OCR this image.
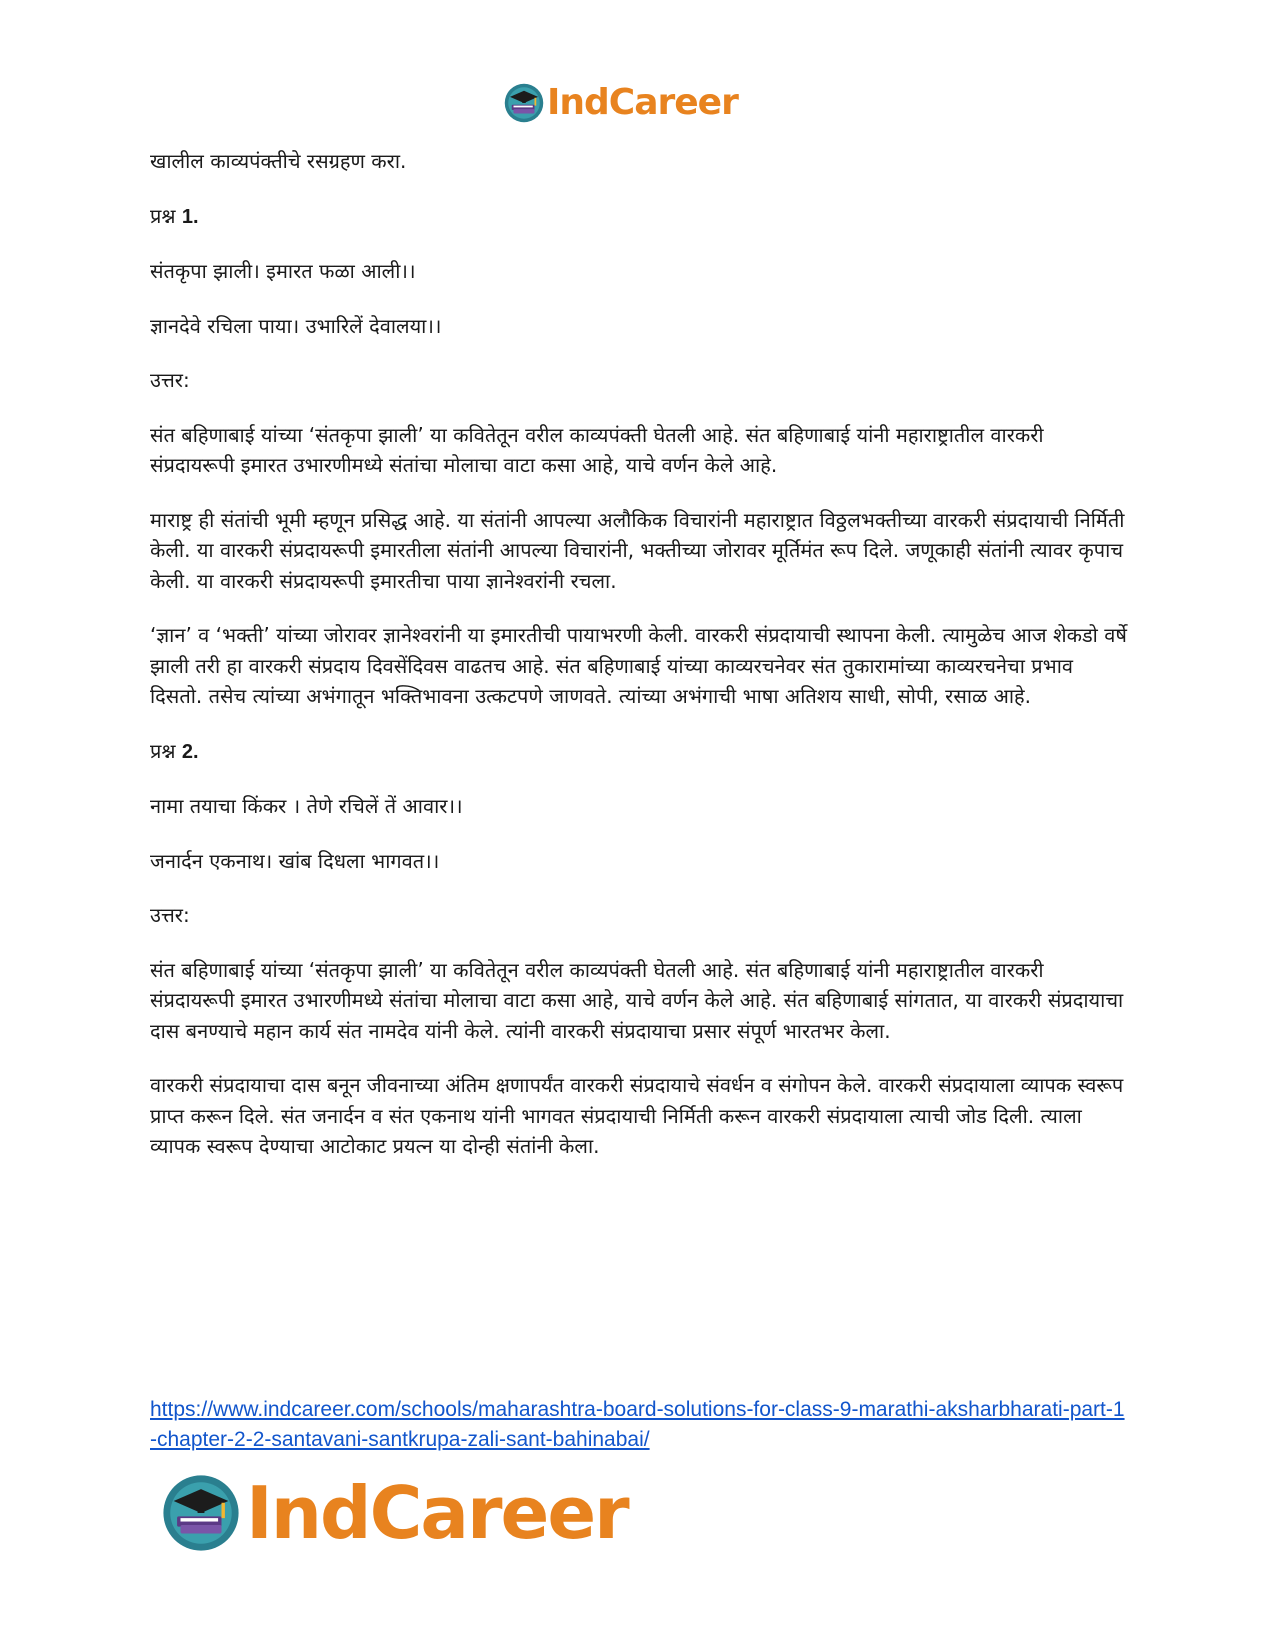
IndCareer

खालील काव्यपंक्तीचे रसग्रहण करा.

प्रश्न 1.

संतकृपा झाली। इमारत फळा आली।।

ज्ञानदेवे रचिला पाया। उभारिलें देवालया।।

उत्तर:

संत बहिणाबाई यांच्या ‘संतकृपा झाली’ या कवितेतून वरील काव्यपंक्ती घेतली आहे. संत बहिणाबाई यांनी महाराष्ट्रातील वारकरी संप्रदायरूपी इमारत उभारणीमध्ये संतांचा मोलाचा वाटा कसा आहे, याचे वर्णन केले आहे.

माराष्ट्र ही संतांची भूमी म्हणून प्रसिद्ध आहे. या संतांनी आपल्या अलौकिक विचारांनी महाराष्ट्रात विठ्ठलभक्तीच्या वारकरी संप्रदायाची निर्मिती केली. या वारकरी संप्रदायरूपी इमारतीला संतांनी आपल्या विचारांनी, भक्तीच्या जोरावर मूर्तिमंत रूप दिले. जणूकाही संतांनी त्यावर कृपाच केली. या वारकरी संप्रदायरूपी इमारतीचा पाया ज्ञानेश्वरांनी रचला.

‘ज्ञान’ व ‘भक्ती’ यांच्या जोरावर ज्ञानेश्वरांनी या इमारतीची पायाभरणी केली. वारकरी संप्रदायाची स्थापना केली. त्यामुळेच आज शेकडो वर्षे झाली तरी हा वारकरी संप्रदाय दिवसेंदिवस वाढतच आहे. संत बहिणाबाई यांच्या काव्यरचनेवर संत तुकारामांच्या काव्यरचनेचा प्रभाव दिसतो. तसेच त्यांच्या अभंगातून भक्तिभावना उत्कटपणे जाणवते. त्यांच्या अभंगाची भाषा अतिशय साधी, सोपी, रसाळ आहे.

प्रश्न 2.

नामा तयाचा किंकर । तेणे रचिलें तें आवार।।

जनार्दन एकनाथ। खांब दिधला भागवत।।

उत्तर:

संत बहिणाबाई यांच्या ‘संतकृपा झाली’ या कवितेतून वरील काव्यपंक्ती घेतली आहे. संत बहिणाबाई यांनी महाराष्ट्रातील वारकरी संप्रदायरूपी इमारत उभारणीमध्ये संतांचा मोलाचा वाटा कसा आहे, याचे वर्णन केले आहे. संत बहिणाबाई सांगतात, या वारकरी संप्रदायाचा दास बनण्याचे महान कार्य संत नामदेव यांनी केले. त्यांनी वारकरी संप्रदायाचा प्रसार संपूर्ण भारतभर केला.

वारकरी संप्रदायाचा दास बनून जीवनाच्या अंतिम क्षणापर्यंत वारकरी संप्रदायाचे संवर्धन व संगोपन केले. वारकरी संप्रदायाला व्यापक स्वरूप प्राप्त करून दिले. संत जनार्दन व संत एकनाथ यांनी भागवत संप्रदायाची निर्मिती करून वारकरी संप्रदायाला त्याची जोड दिली. त्याला व्यापक स्वरूप देण्याचा आटोकाट प्रयत्न या दोन्ही संतांनी केला.

https://www.indcareer.com/schools/maharashtra-board-solutions-for-class-9-marathi-aksharbharati-part-1-chapter-2-2-santavani-santkrupa-zali-sant-bahinabai/
IndCareer
